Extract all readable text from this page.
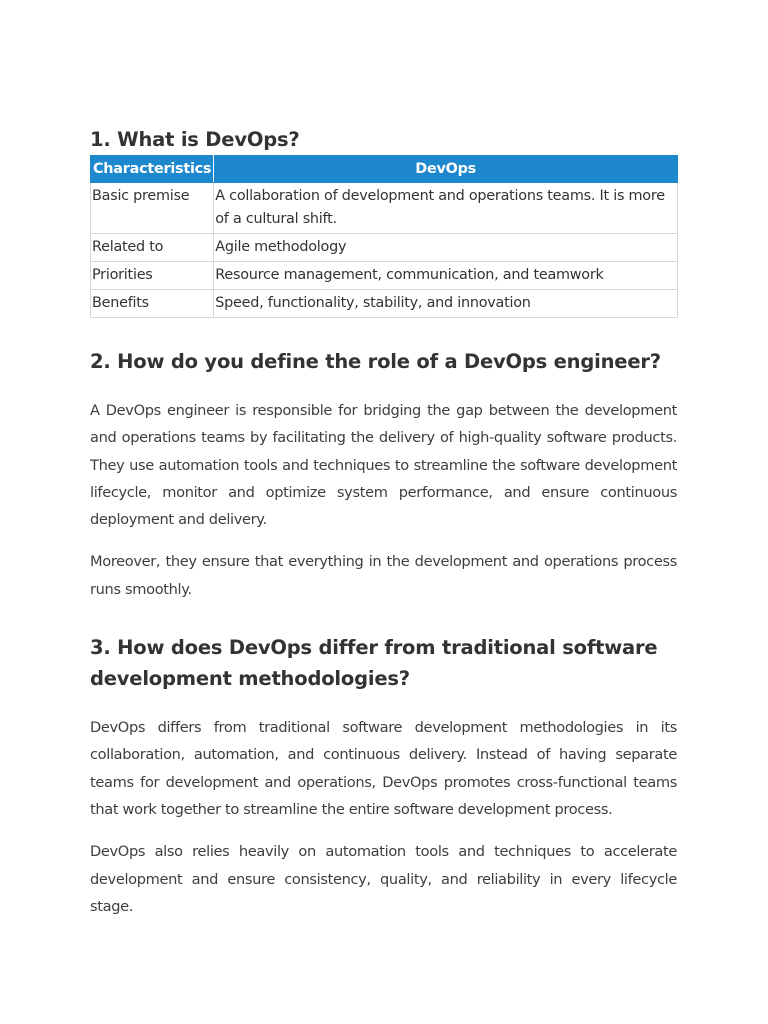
1. What is DevOps?
Characteristics	DevOps
Basic premise	A collaboration of development and operations teams. It is more of a cultural shift.
Related to	Agile methodology
Priorities	Resource management, communication, and teamwork
Benefits	Speed, functionality, stability, and innovation
2. How do you define the role of a DevOps engineer?

A DevOps engineer is responsible for bridging the gap between the development and operations teams by facilitating the delivery of high-quality software products. They use automation tools and techniques to streamline the software development lifecycle, monitor and optimize system performance, and ensure continuous deployment and delivery.

Moreover, they ensure that everything in the development and operations process runs smoothly.

3. How does DevOps differ from traditional software development methodologies?

DevOps differs from traditional software development methodologies in its collaboration, automation, and continuous delivery. Instead of having separate teams for development and operations, DevOps promotes cross-functional teams that work together to streamline the entire software development process.

DevOps also relies heavily on automation tools and techniques to accelerate development and ensure consistency, quality, and reliability in every lifecycle stage.
